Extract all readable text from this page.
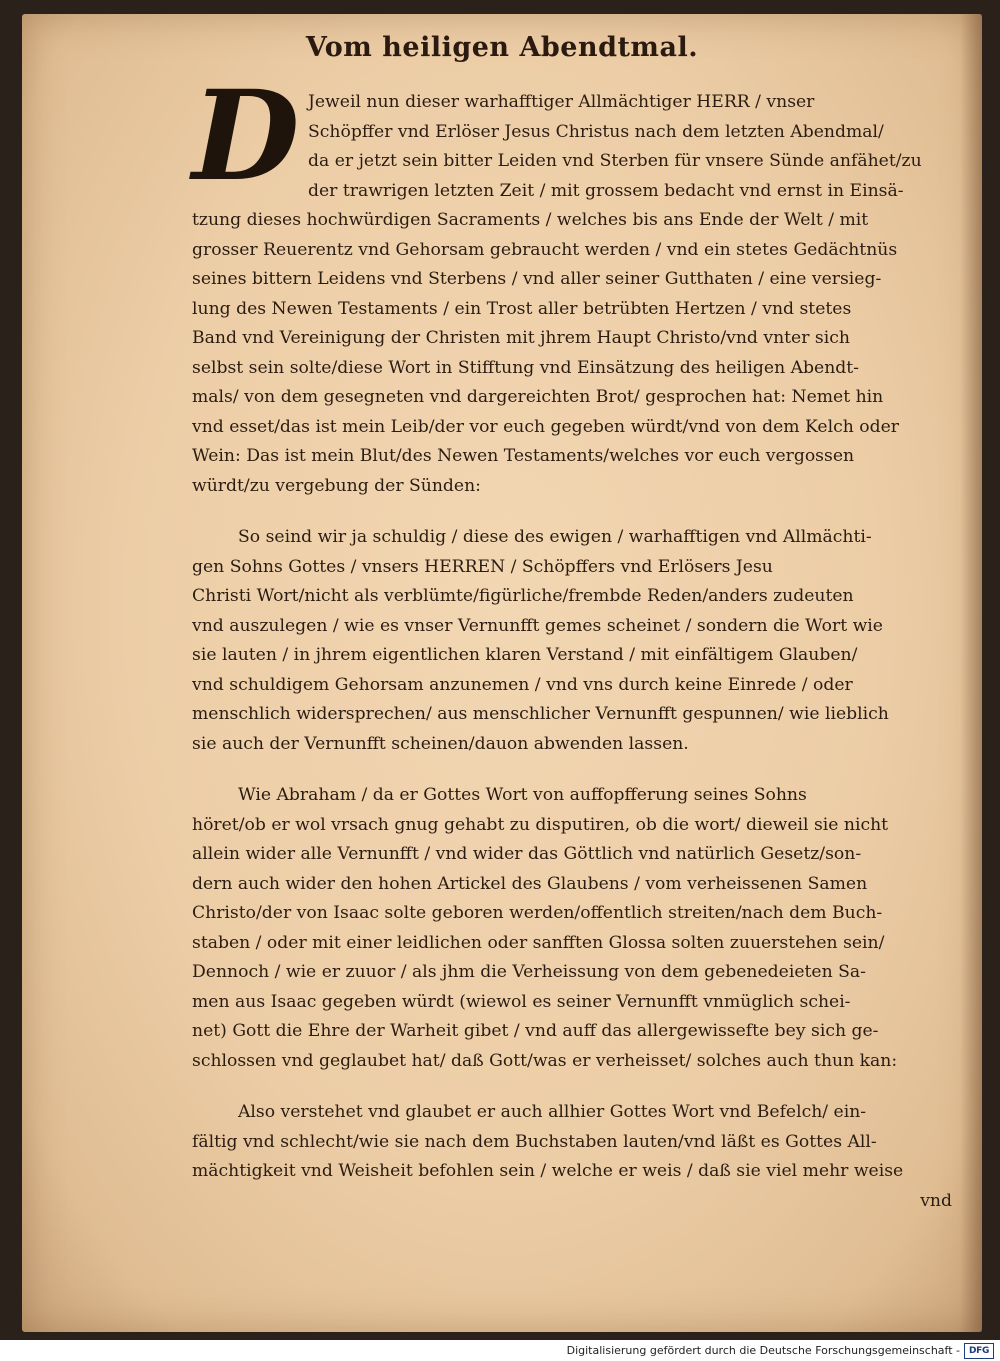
Vom heiligen Abendtmal.
D Jeweil nun dieser warhafftiger Allmächtiger HERR / vnser
Schöpffer vnd Erlöser Jesus Christus nach dem letzten Abendmal/
da er jetzt sein bitter Leiden vnd Sterben für vnsere Sünde anfähet/zu
der trawrigen letzten Zeit / mit grossem bedacht vnd ernst in Einsä-
tzung dieses hochwürdigen Sacraments / welches bis ans Ende der Welt / mit
grosser Reuerentz vnd Gehorsam gebraucht werden / vnd ein stetes Gedächtnüs
seines bittern Leidens vnd Sterbens / vnd aller seiner Gutthaten / eine versieg-
lung des Newen Testaments / ein Trost aller betrübten Hertzen / vnd stetes
Band vnd Vereinigung der Christen mit jhrem Haupt Christo/vnd vnter sich
selbst sein solte/diese Wort in Stifftung vnd Einsätzung des heiligen Abendt-
mals/ von dem gesegneten vnd dargereichten Brot/ gesprochen hat: Nemet hin
vnd esset/das ist mein Leib/der vor euch gegeben würdt/vnd von dem Kelch oder
Wein: Das ist mein Blut/des Newen Testaments/welches vor euch vergossen
würdt/zu vergebung der Sünden:
So seind wir ja schuldig / diese des ewigen / warhafftigen vnd Allmächti-
gen Sohns Gottes / vnsers HERREN / Schöpffers vnd Erlösers Jesu
Christi Wort/nicht als verblümte/figürliche/frembde Reden/anders zudeuten
vnd auszulegen / wie es vnser Vernunfft gemes scheinet / sondern die Wort wie
sie lauten / in jhrem eigentlichen klaren Verstand / mit einfältigem Glauben/
vnd schuldigem Gehorsam anzunemen / vnd vns durch keine Einrede / oder
menschlich widersprechen/ aus menschlicher Vernunfft gespunnen/ wie lieblich
sie auch der Vernunfft scheinen/dauon abwenden lassen.
Wie Abraham / da er Gottes Wort von auffopfferung seines Sohns
höret/ob er wol vrsach gnug gehabt zu disputiren, ob die wort/ dieweil sie nicht
allein wider alle Vernunfft / vnd wider das Göttlich vnd natürlich Gesetz/son-
dern auch wider den hohen Artickel des Glaubens / vom verheissenen Samen
Christo/der von Isaac solte geboren werden/offentlich streiten/nach dem Buch-
staben / oder mit einer leidlichen oder sanfften Glossa solten zuuerstehen sein/
Dennoch / wie er zuuor / als jhm die Verheissung von dem gebenedeieten Sa-
men aus Isaac gegeben würdt (wiewol es seiner Vernunfft vnmüglich schei-
net) Gott die Ehre der Warheit gibet / vnd auff das allergewissefte bey sich ge-
schlossen vnd geglaubet hat/ daß Gott/was er verheisset/ solches auch thun kan:
Also verstehet vnd glaubet er auch allhier Gottes Wort vnd Befelch/ ein-
fältig vnd schlecht/wie sie nach dem Buchstaben lauten/vnd läßt es Gottes All-
mächtigkeit vnd Weisheit befohlen sein / welche er weis / daß sie viel mehr weise
vnd
Digitalisierung gefördert durch die Deutsche Forschungsgemeinschaft - DFG
